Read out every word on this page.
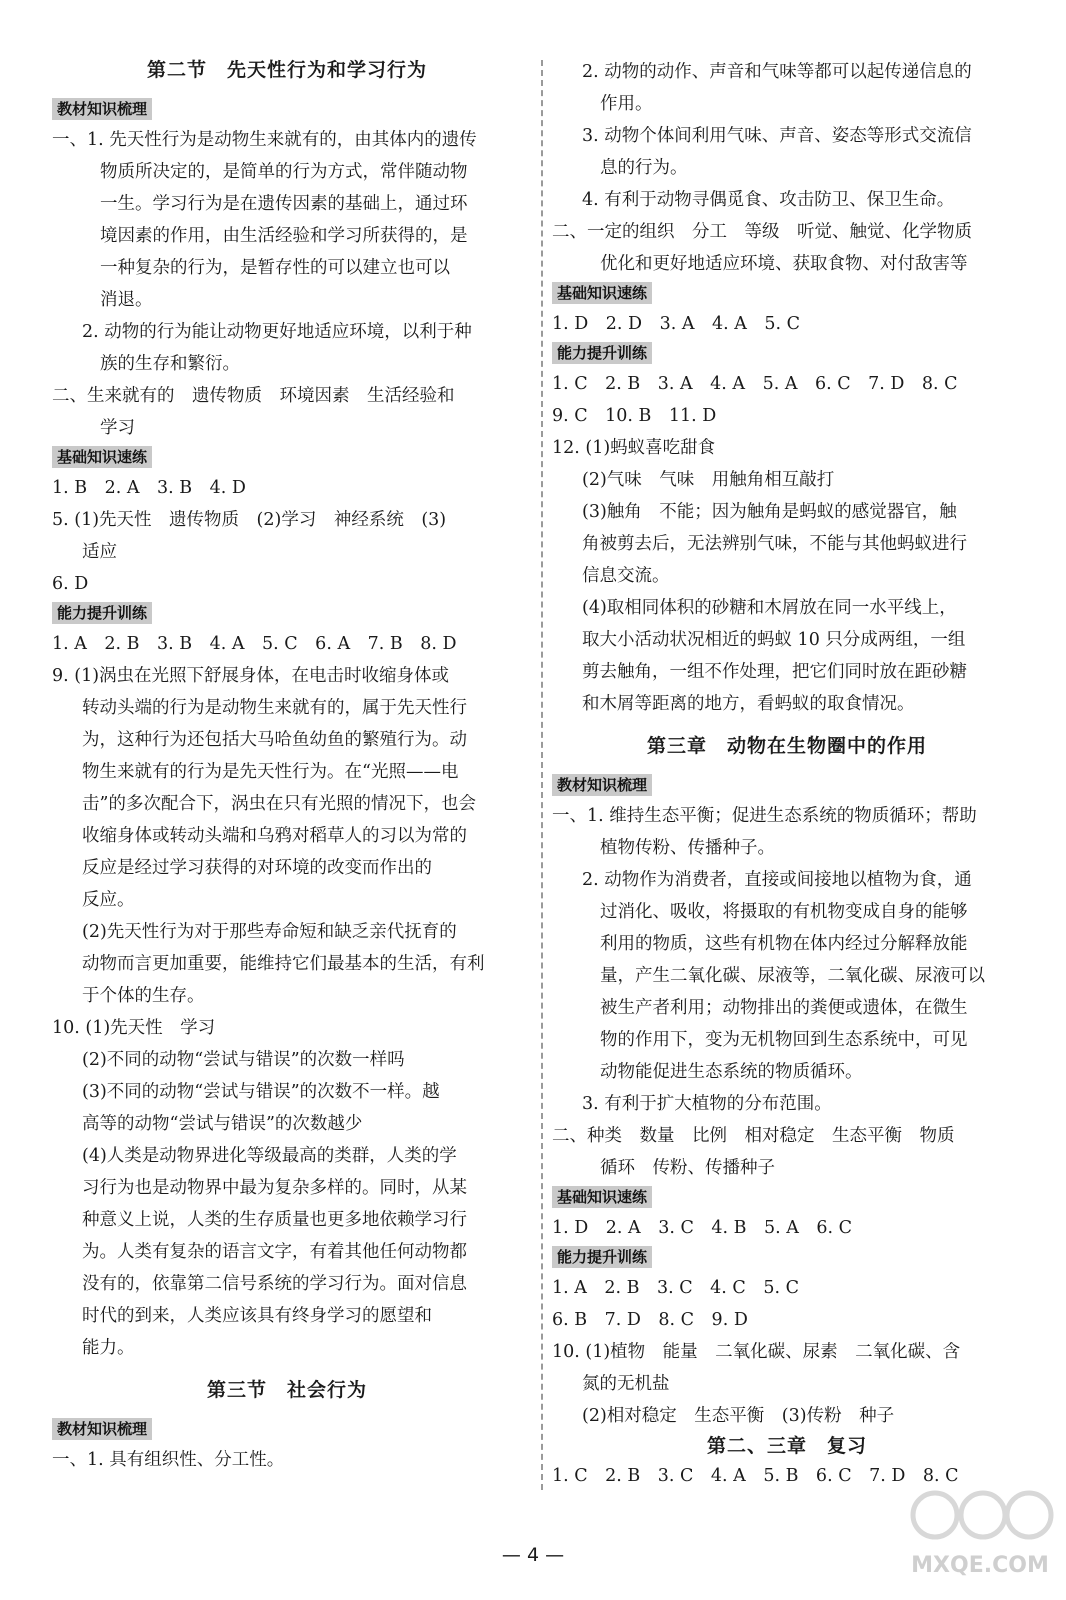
第二节　先天性行为和学习行为
教材知识梳理
一、1. 先天性行为是动物生来就有的，由其体内的遗传
物质所决定的，是简单的行为方式，常伴随动物
一生。学习行为是在遗传因素的基础上，通过环
境因素的作用，由生活经验和学习所获得的，是
一种复杂的行为，是暂存性的可以建立也可以
消退。
2. 动物的行为能让动物更好地适应环境，以利于种
族的生存和繁衍。
二、生来就有的　遗传物质　环境因素　生活经验和
学习
基础知识速练
1. B　2. A　3. B　4. D
5. (1)先天性　遗传物质　(2)学习　神经系统　(3)
适应
6. D
能力提升训练
1. A　2. B　3. B　4. A　5. C　6. A　7. B　8. D
9. (1)涡虫在光照下舒展身体，在电击时收缩身体或
转动头端的行为是动物生来就有的，属于先天性行
为，这种行为还包括大马哈鱼幼鱼的繁殖行为。动
物生来就有的行为是先天性行为。在“光照——电
击”的多次配合下，涡虫在只有光照的情况下，也会
收缩身体或转动头端和乌鸦对稻草人的习以为常的
反应是经过学习获得的对环境的改变而作出的
反应。
(2)先天性行为对于那些寿命短和缺乏亲代抚育的
动物而言更加重要，能维持它们最基本的生活，有利
于个体的生存。
10. (1)先天性　学习
(2)不同的动物“尝试与错误”的次数一样吗
(3)不同的动物“尝试与错误”的次数不一样。越
高等的动物“尝试与错误”的次数越少
(4)人类是动物界进化等级最高的类群，人类的学
习行为也是动物界中最为复杂多样的。同时，从某
种意义上说，人类的生存质量也更多地依赖学习行
为。人类有复杂的语言文字，有着其他任何动物都
没有的，依靠第二信号系统的学习行为。面对信息
时代的到来，人类应该具有终身学习的愿望和
能力。
第三节　社会行为
教材知识梳理
一、1. 具有组织性、分工性。
2. 动物的动作、声音和气味等都可以起传递信息的
作用。
3. 动物个体间利用气味、声音、姿态等形式交流信
息的行为。
4. 有利于动物寻偶觅食、攻击防卫、保卫生命。
二、一定的组织　分工　等级　听觉、触觉、化学物质
优化和更好地适应环境、获取食物、对付敌害等
基础知识速练
1. D　2. D　3. A　4. A　5. C
能力提升训练
1. C　2. B　3. A　4. A　5. A　6. C　7. D　8. C
9. C　10. B　11. D
12. (1)蚂蚁喜吃甜食
(2)气味　气味　用触角相互敲打
(3)触角　不能；因为触角是蚂蚁的感觉器官，触
角被剪去后，无法辨别气味，不能与其他蚂蚁进行
信息交流。
(4)取相同体积的砂糖和木屑放在同一水平线上，
取大小活动状况相近的蚂蚁 10 只分成两组，一组
剪去触角，一组不作处理，把它们同时放在距砂糖
和木屑等距离的地方，看蚂蚁的取食情况。
第三章　动物在生物圈中的作用
教材知识梳理
一、1. 维持生态平衡；促进生态系统的物质循环；帮助
植物传粉、传播种子。
2. 动物作为消费者，直接或间接地以植物为食，通
过消化、吸收，将摄取的有机物变成自身的能够
利用的物质，这些有机物在体内经过分解释放能
量，产生二氧化碳、尿液等，二氧化碳、尿液可以
被生产者利用；动物排出的粪便或遗体，在微生
物的作用下，变为无机物回到生态系统中，可见
动物能促进生态系统的物质循环。
3. 有利于扩大植物的分布范围。
二、种类　数量　比例　相对稳定　生态平衡　物质
循环　传粉、传播种子
基础知识速练
1. D　2. A　3. C　4. B　5. A　6. C
能力提升训练
1. A　2. B　3. C　4. C　5. C
6. B　7. D　8. C　9. D
10. (1)植物　能量　二氧化碳、尿素　二氧化碳、含
氮的无机盐
(2)相对稳定　生态平衡　(3)传粉　种子
第二、三章　复习
1. C　2. B　3. C　4. A　5. B　6. C　7. D　8. C
— 4 —	MXQE.COM
